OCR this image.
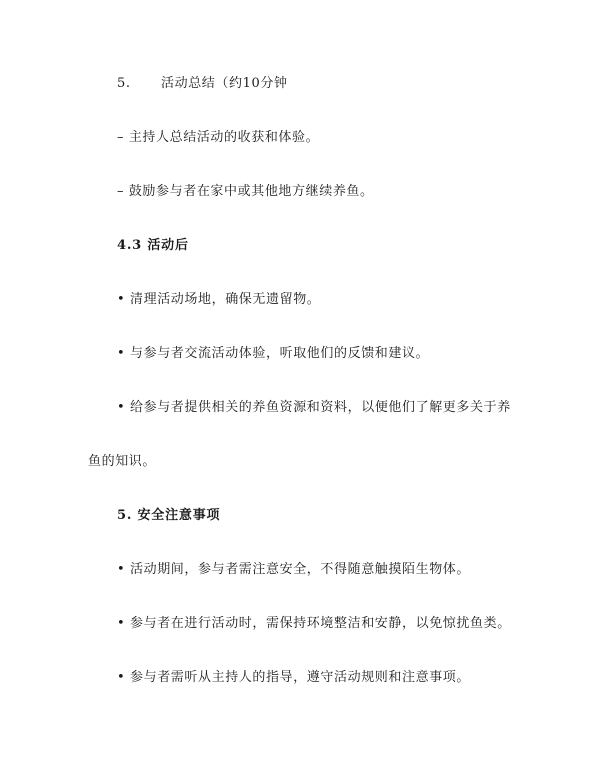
5. 活动总结（约10分钟
– 主持人总结活动的收获和体验。
– 鼓励参与者在家中或其他地方继续养鱼。
4.3 活动后
• 清理活动场地，确保无遗留物。
• 与参与者交流活动体验，听取他们的反馈和建议。
• 给参与者提供相关的养鱼资源和资料，以便他们了解更多关于养
鱼的知识。
5. 安全注意事项
• 活动期间，参与者需注意安全，不得随意触摸陌生物体。
• 参与者在进行活动时，需保持环境整洁和安静，以免惊扰鱼类。
• 参与者需听从主持人的指导，遵守活动规则和注意事项。
